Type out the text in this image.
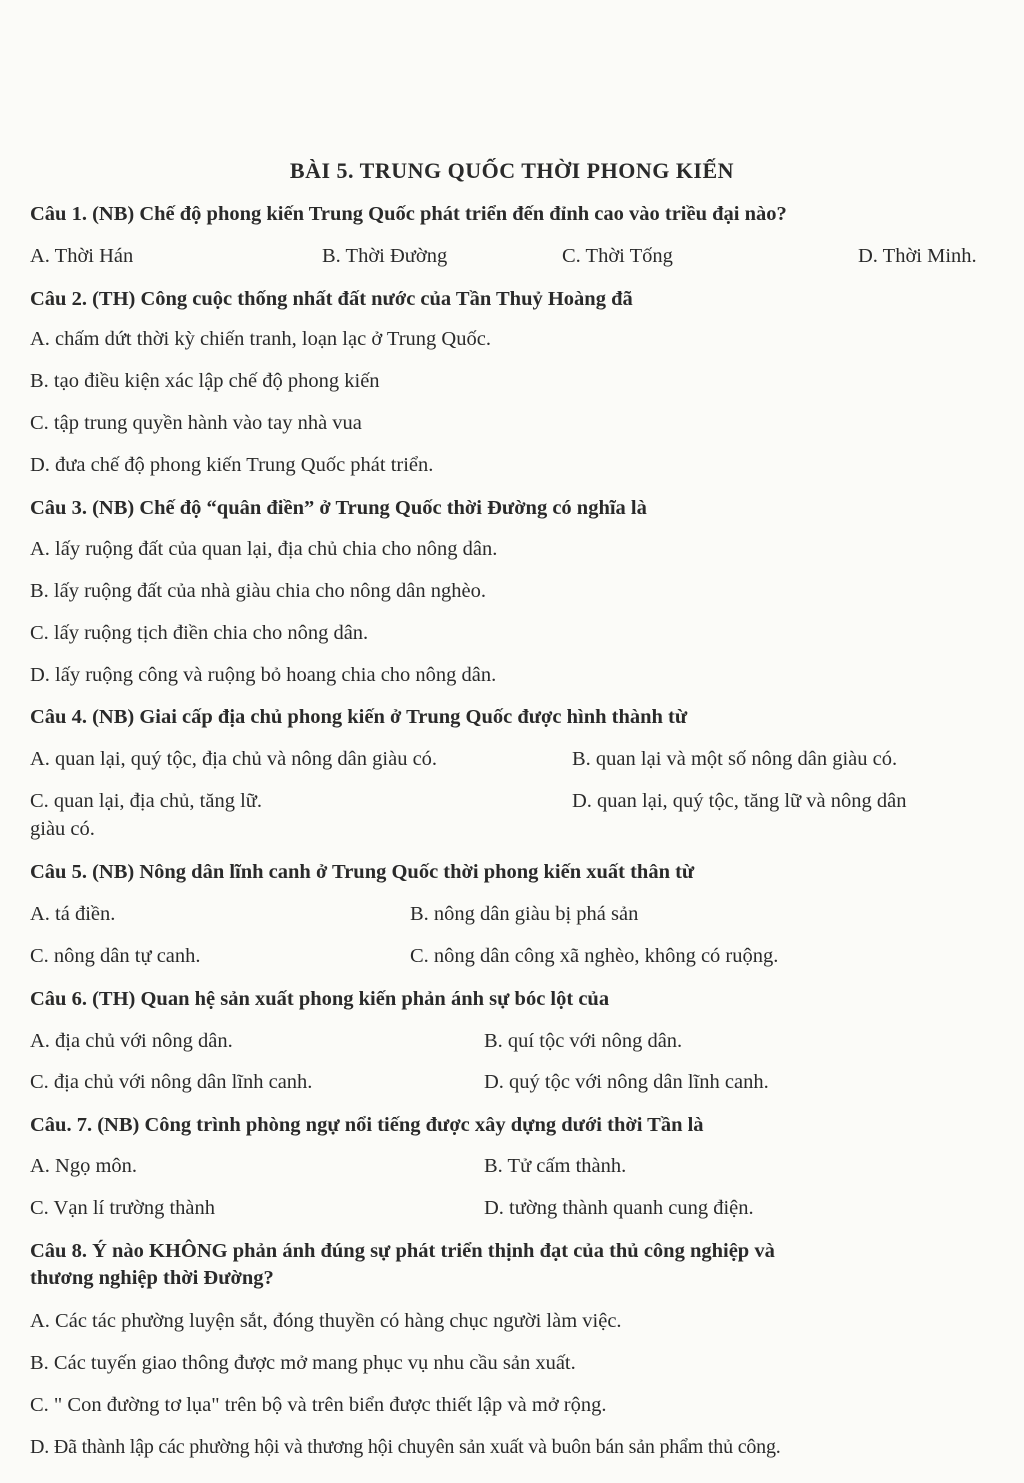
BÀI 5. TRUNG QUỐC THỜI PHONG KIẾN
Câu 1. (NB) Chế độ phong kiến Trung Quốc phát triển đến đỉnh cao vào triều đại nào?
A. Thời Hán	B. Thời Đường	C. Thời Tống	D. Thời Minh.
Câu 2. (TH) Công cuộc thống nhất đất nước của Tần Thuỷ Hoàng đã
A. chấm dứt thời kỳ chiến tranh, loạn lạc ở Trung Quốc.
B. tạo điều kiện xác lập chế độ phong kiến
C. tập trung quyền hành vào tay nhà vua
D. đưa chế độ phong kiến Trung Quốc phát triển.
Câu 3. (NB) Chế độ “quân điền” ở Trung Quốc thời Đường có nghĩa là
A. lấy ruộng đất của quan lại, địa chủ chia cho nông dân.
B. lấy ruộng đất của nhà giàu chia cho nông dân nghèo.
C. lấy ruộng tịch điền chia cho nông dân.
D. lấy ruộng công và ruộng bỏ hoang chia cho nông dân.
Câu 4. (NB) Giai cấp địa chủ phong kiến ở Trung Quốc được hình thành từ
A. quan lại, quý tộc, địa chủ và nông dân giàu có.	B. quan lại và một số nông dân giàu có.
C. quan lại, địa chủ, tăng lữ.	D. quan lại, quý tộc, tăng lữ và nông dân
giàu có.
Câu 5. (NB) Nông dân lĩnh canh ở Trung Quốc thời phong kiến xuất thân từ
A. tá điền.	B. nông dân giàu bị phá sản
C. nông dân tự canh.	C. nông dân công xã nghèo, không có ruộng.
Câu 6. (TH) Quan hệ sản xuất phong kiến phản ánh sự bóc lột của
A. địa chủ với nông dân.	B. quí tộc với nông dân.
C. địa chủ với nông dân lĩnh canh.	D. quý tộc với nông dân lĩnh canh.
Câu. 7. (NB) Công trình phòng ngự nổi tiếng được xây dựng dưới thời Tần là
A. Ngọ môn.	B. Tử cấm thành.
C. Vạn lí trường thành	D. tường thành quanh cung điện.
Câu 8. Ý nào KHÔNG phản ánh đúng sự phát triển thịnh đạt của thủ công nghiệp và
thương nghiệp thời Đường?
A. Các tác phường luyện sắt, đóng thuyền có hàng chục người làm việc.
B. Các tuyến giao thông được mở mang phục vụ nhu cầu sản xuất.
C. " Con đường tơ lụa" trên bộ và trên biển được thiết lập và mở rộng.
D. Đã thành lập các phường hội và thương hội chuyên sản xuất và buôn bán sản phẩm thủ công.
